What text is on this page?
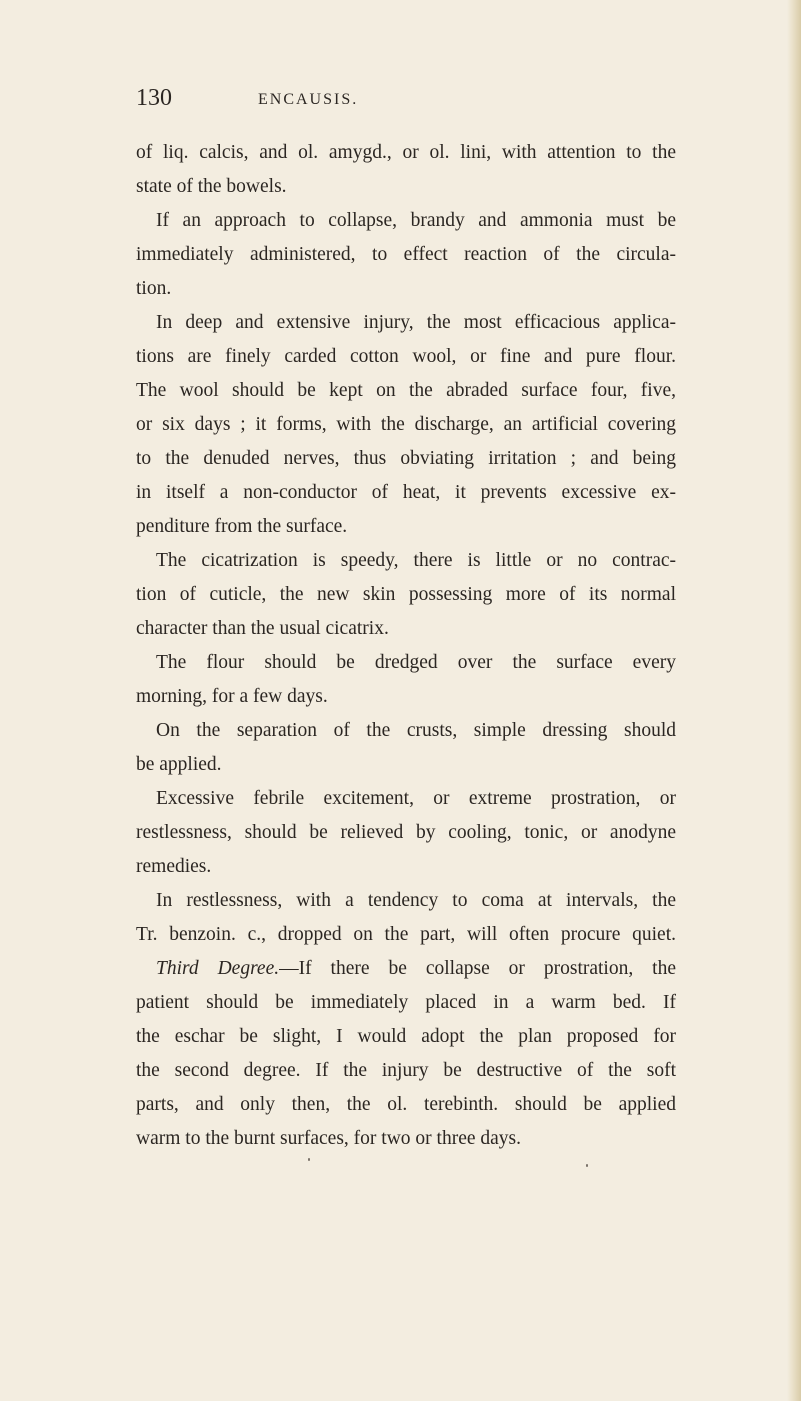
130	ENCAUSIS.
of liq. calcis, and ol. amygd., or ol. lini, with attention to the
state of the bowels.
If an approach to collapse, brandy and ammonia must be
immediately administered, to effect reaction of the circula-
tion.
In deep and extensive injury, the most efficacious applica-
tions are finely carded cotton wool, or fine and pure flour.
The wool should be kept on the abraded surface four, five,
or six days ; it forms, with the discharge, an artificial covering
to the denuded nerves, thus obviating irritation ; and being
in itself a non-conductor of heat, it prevents excessive ex-
penditure from the surface.
The cicatrization is speedy, there is little or no contrac-
tion of cuticle, the new skin possessing more of its normal
character than the usual cicatrix.
The flour should be dredged over the surface every
morning, for a few days.
On the separation of the crusts, simple dressing should
be applied.
Excessive febrile excitement, or extreme prostration, or
restlessness, should be relieved by cooling, tonic, or anodyne
remedies.
In restlessness, with a tendency to coma at intervals, the
Tr. benzoin. c., dropped on the part, will often procure quiet.
Third Degree.—If there be collapse or prostration, the
patient should be immediately placed in a warm bed. If
the eschar be slight, I would adopt the plan proposed for
the second degree. If the injury be destructive of the soft
parts, and only then, the ol. terebinth. should be applied
warm to the burnt surfaces, for two or three days.
